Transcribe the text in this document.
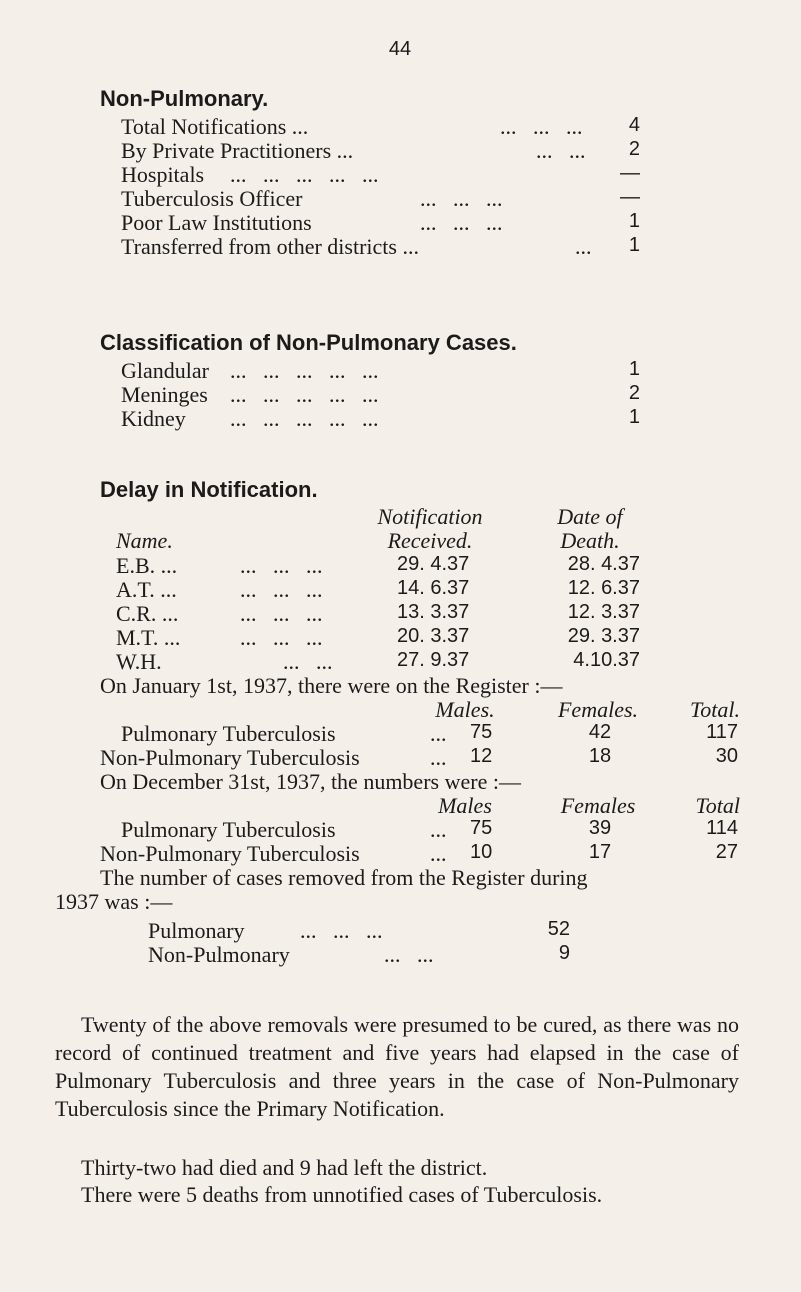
44
Non-Pulmonary.
Total Notifications ...	...   ...   ...	4
By Private Practitioners ...	...   ...	2
Hospitals ...   ...   ...   ...   ...	—
Tuberculosis Officer	...   ...   ...	—
Poor Law Institutions	...   ...   ...	1
Transferred from other districts ...	...	1
Classification of Non-Pulmonary Cases.
Glandular ...   ...   ...   ...   ...	1
Meninges ...   ...   ...   ...   ...	2
Kidney ...   ...   ...   ...   ...	1
Delay in Notification.
Notification	Date of
Name.	Received.	Death.
E.B. ...	...   ...   ...	29. 4.37	28. 4.37
A.T. ...	...   ...   ...	14. 6.37	12. 6.37
C.R. ...	...   ...   ...	13. 3.37	12. 3.37
M.T. ...	...   ...   ...	20. 3.37	29. 3.37
W.H.	...   ...	27. 9.37	4.10.37
On January 1st, 1937, there were on the Register :—
Males.	Females.	Total.
Pulmonary Tuberculosis	... 75	42	117
Non-Pulmonary Tuberculosis	... 12	18	30
On December 31st, 1937, the numbers were :—
Males	Females	Total
Pulmonary Tuberculosis	... 75	39	114
Non-Pulmonary Tuberculosis	... 10	17	27
The number of cases removed from the Register during
1937 was :—
Pulmonary	...   ...   ...	52
Non-Pulmonary	...   ...	9
Twenty of the above removals were presumed to be cured, as there was no record of continued treatment and five years had elapsed in the case of Pulmonary Tuberculosis and three years in the case of Non-Pulmonary Tuberculosis since the Primary Notification.
Thirty-two had died and 9 had left the district.
There were 5 deaths from unnotified cases of Tuberculosis.
